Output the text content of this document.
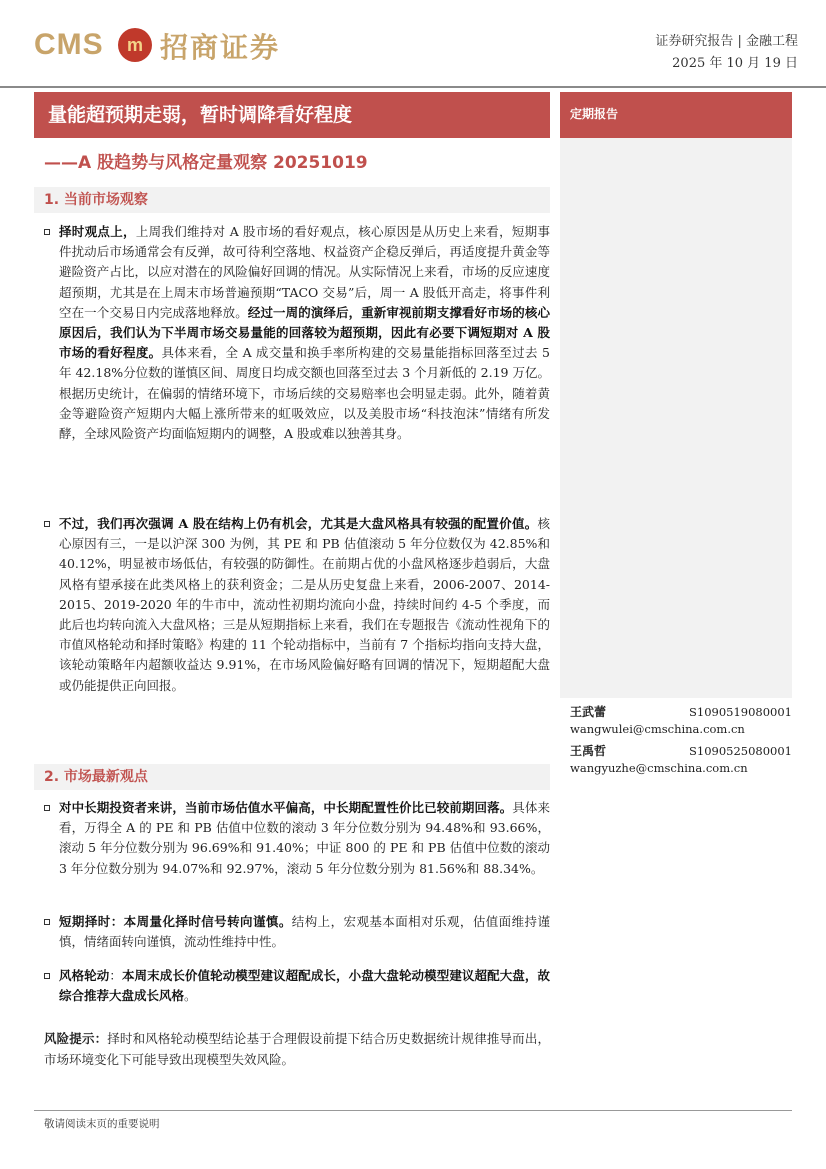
CMS	m 招商证券	证券研究报告 | 金融工程
2025 年 10 月 19 日
量能超预期走弱，暂时调降看好程度	定期报告
——A 股趋势与风格定量观察 20251019
1. 当前市场观察
择时观点上，上周我们维持对 A 股市场的看好观点，核心原因是从历史上来看，短期事件扰动后市场通常会有反弹，故可待利空落地、权益资产企稳反弹后，再适度提升黄金等避险资产占比，以应对潜在的风险偏好回调的情况。从实际情况上来看，市场的反应速度超预期，尤其是在上周末市场普遍预期“TACO 交易”后，周一 A 股低开高走，将事件利空在一个交易日内完成落地释放。经过一周的演绎后，重新审视前期支撑看好市场的核心原因后，我们认为下半周市场交易量能的回落较为超预期，因此有必要下调短期对 A 股市场的看好程度。具体来看，全 A 成交量和换手率所构建的交易量能指标回落至过去 5 年 42.18%分位数的谨慎区间、周度日均成交额也回落至过去 3 个月新低的 2.19 万亿。根据历史统计，在偏弱的情绪环境下，市场后续的交易赔率也会明显走弱。此外，随着黄金等避险资产短期内大幅上涨所带来的虹吸效应，以及美股市场“科技泡沫”情绪有所发酵，全球风险资产均面临短期内的调整，A 股或难以独善其身。
不过，我们再次强调 A 股在结构上仍有机会，尤其是大盘风格具有较强的配置价值。核心原因有三，一是以沪深 300 为例，其 PE 和 PB 估值滚动 5 年分位数仅为 42.85%和 40.12%，明显被市场低估，有较强的防御性。在前期占优的小盘风格逐步趋弱后，大盘风格有望承接在此类风格上的获利资金；二是从历史复盘上来看，2006-2007、2014-2015、2019-2020 年的牛市中，流动性初期均流向小盘，持续时间约 4-5 个季度，而此后也均转向流入大盘风格；三是从短期指标上来看，我们在专题报告《流动性视角下的市值风格轮动和择时策略》构建的 11 个轮动指标中，当前有 7 个指标均指向支持大盘，该轮动策略年内超额收益达 9.91%，在市场风险偏好略有回调的情况下，短期超配大盘或仍能提供正向回报。
2. 市场最新观点
对中长期投资者来讲，当前市场估值水平偏高，中长期配置性价比已较前期回落。具体来看，万得全 A 的 PE 和 PB 估值中位数的滚动 3 年分位数分别为 94.48%和 93.66%，滚动 5 年分位数分别为 96.69%和 91.40%；中证 800 的 PE 和 PB 估值中位数的滚动 3 年分位数分别为 94.07%和 92.97%，滚动 5 年分位数分别为 81.56%和 88.34%。
短期择时：本周量化择时信号转向谨慎。结构上，宏观基本面相对乐观，估值面维持谨慎，情绪面转向谨慎，流动性维持中性。
风格轮动：本周末成长价值轮动模型建议超配成长，小盘大盘轮动模型建议超配大盘，故综合推荐大盘成长风格。
风险提示：择时和风格轮动模型结论基于合理假设前提下结合历史数据统计规律推导而出，市场环境变化下可能导致出现模型失效风险。
王武蕾	S1090519080001
wangwulei@cmschina.com.cn
王禹哲	S1090525080001
wangyuzhe@cmschina.com.cn
敬请阅读末页的重要说明
